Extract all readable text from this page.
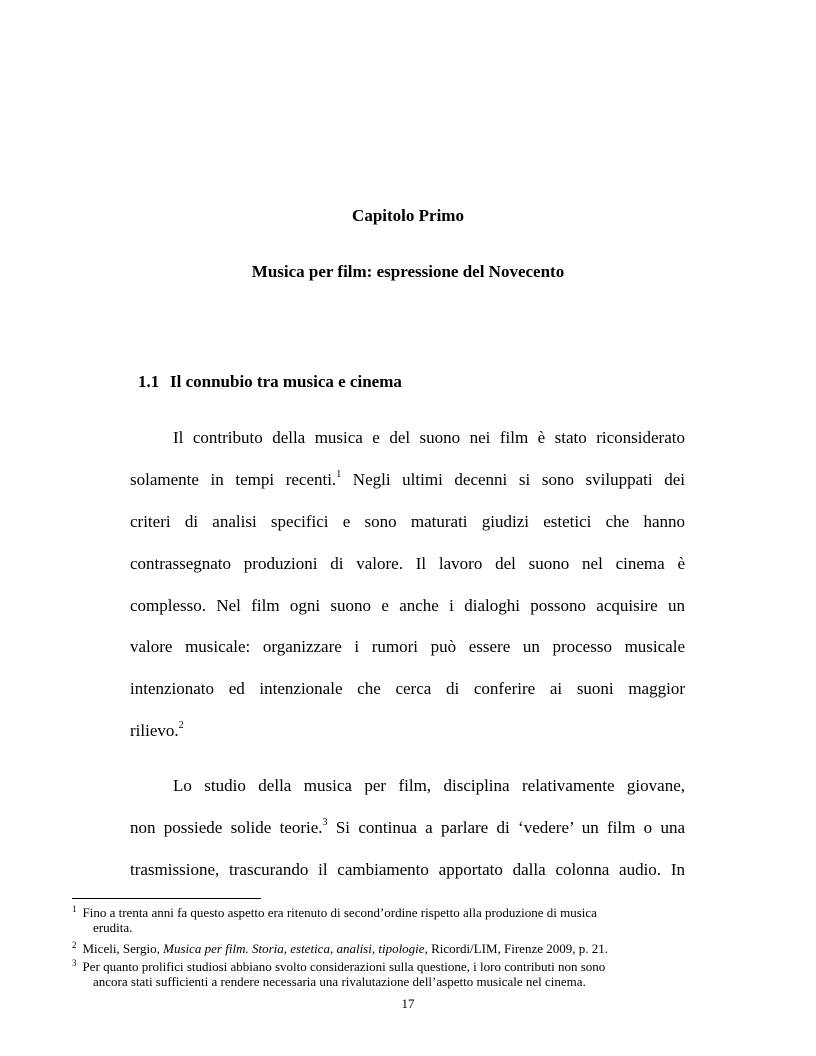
Capitolo Primo
Musica per film: espressione del Novecento
1.1 Il connubio tra musica e cinema

Il contributo della musica e del suono nei film è stato riconsiderato

solamente in tempi recenti.$^1$ Negli ultimi decenni si sono sviluppati dei

criteri di analisi specifici e sono maturati giudizi estetici che hanno

contrassegnato produzioni di valore. Il lavoro del suono nel cinema è

complesso. Nel film ogni suono e anche i dialoghi possono acquisire un

valore musicale: organizzare i rumori può essere un processo musicale

intenzionato ed intenzionale che cerca di conferire ai suoni maggior

rilievo.$^2$

Lo studio della musica per film, disciplina relativamente giovane,

non possiede solide teorie.$^3$ Si continua a parlare di ‘vedere’ un film o una

trasmissione, trascurando il cambiamento apportato dalla colonna audio. In

$^1$ Fino a trenta anni fa questo aspetto era ritenuto di second’ordine rispetto alla produzione di musica
erudita.

$^2$ Miceli, Sergio, Musica per film. Storia, estetica, analisi, tipologie, Ricordi/LIM, Firenze 2009, p. 21.

$^3$ Per quanto prolifici studiosi abbiano svolto considerazioni sulla questione, i loro contributi non sono
ancora stati sufficienti a rendere necessaria una rivalutazione dell’aspetto musicale nel cinema.

17
